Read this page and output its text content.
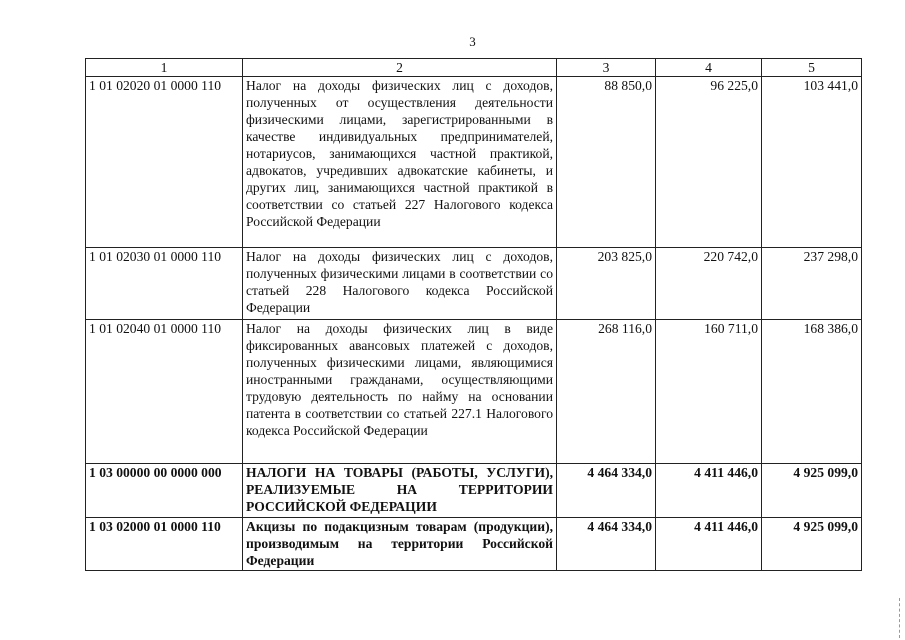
3
1	2	3	4	5
1 01 02020 01 0000 110	Налог на доходы физических лиц с доходов, полученных от осуществления деятельности физическими лицами, зарегистрированными в качестве индивидуальных предпринимателей, нотариусов, занимающихся частной практикой, адвокатов, учредивших адвокатские кабинеты, и других лиц, занимающихся частной практикой в соответствии со статьей 227 Налогового кодекса Российской Федерации	88 850,0	96 225,0	103 441,0
1 01 02030 01 0000 110	Налог на доходы физических лиц с доходов, полученных физическими лицами в соответствии со статьей 228 Налогового кодекса Российской Федерации	203 825,0	220 742,0	237 298,0
1 01 02040 01 0000 110	Налог на доходы физических лиц в виде фиксированных авансовых платежей с доходов, полученных физическими лицами, являющимися иностранными гражданами, осуществляющими трудовую деятельность по найму на основании патента в соответствии со статьей 227.1 Налогового кодекса Российской Федерации	268 116,0	160 711,0	168 386,0
1 03 00000 00 0000 000	НАЛОГИ НА ТОВАРЫ (РАБОТЫ, УСЛУГИ), РЕАЛИЗУЕМЫЕ НА ТЕРРИТОРИИ РОССИЙСКОЙ ФЕДЕРАЦИИ	4 464 334,0	4 411 446,0	4 925 099,0
1 03 02000 01 0000 110	Акцизы по подакцизным товарам (продукции), производимым на территории Российской Федерации	4 464 334,0	4 411 446,0	4 925 099,0
